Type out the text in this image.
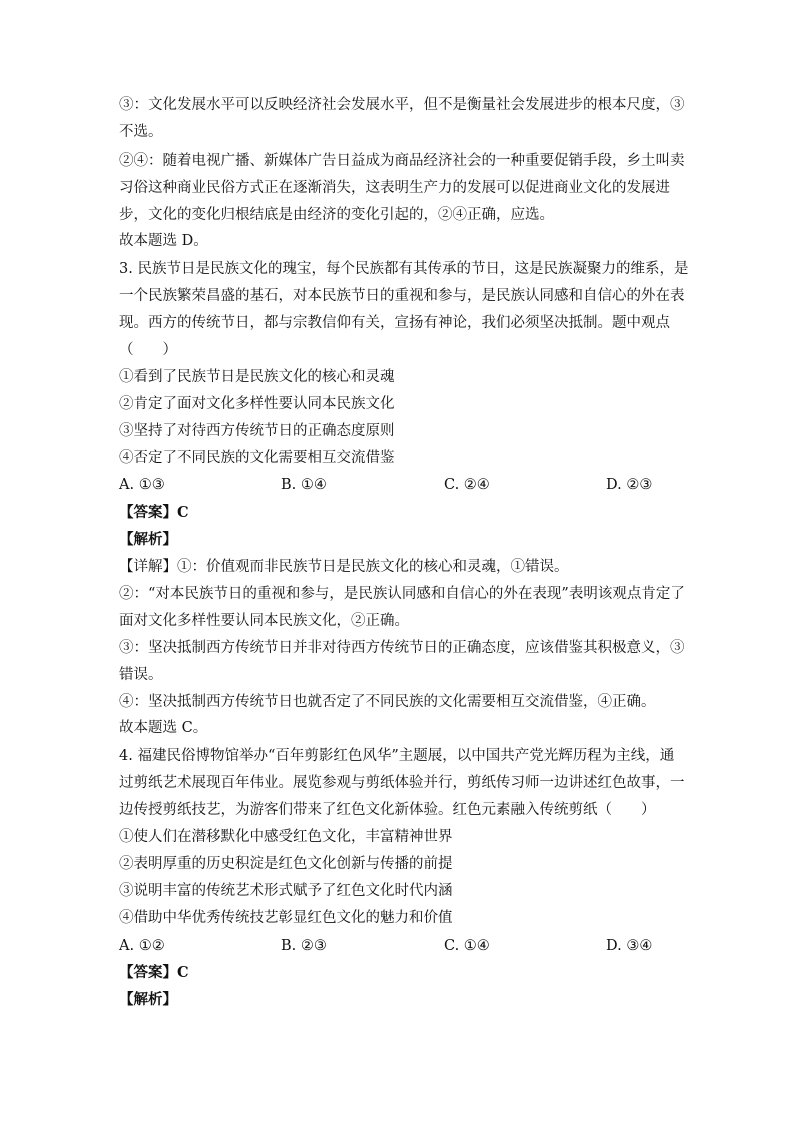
③：文化发展水平可以反映经济社会发展水平，但不是衡量社会发展进步的根本尺度，③
不选。
②④：随着电视广播、新媒体广告日益成为商品经济社会的一种重要促销手段，乡土叫卖
习俗这种商业民俗方式正在逐渐消失，这表明生产力的发展可以促进商业文化的发展进
步，文化的变化归根结底是由经济的变化引起的，②④正确，应选。
故本题选 D。
3. 民族节日是民族文化的瑰宝，每个民族都有其传承的节日，这是民族凝聚力的维系，是
一个民族繁荣昌盛的基石，对本民族节日的重视和参与，是民族认同感和自信心的外在表
现。西方的传统节日，都与宗教信仰有关，宣扬有神论，我们必须坚决抵制。题中观点
（　　）
①看到了民族节日是民族文化的核心和灵魂
②肯定了面对文化多样性要认同本民族文化
③坚持了对待西方传统节日的正确态度原则
④否定了不同民族的文化需要相互交流借鉴
A. ①③	B. ①④	C. ②④	D. ②③
【答案】C
【解析】
【详解】①：价值观而非民族节日是民族文化的核心和灵魂，①错误。
②：“对本民族节日的重视和参与，是民族认同感和自信心的外在表现”表明该观点肯定了
面对文化多样性要认同本民族文化，②正确。
③：坚决抵制西方传统节日并非对待西方传统节日的正确态度，应该借鉴其积极意义，③
错误。
④：坚决抵制西方传统节日也就否定了不同民族的文化需要相互交流借鉴，④正确。
故本题选 C。
4. 福建民俗博物馆举办“百年剪影红色风华”主题展，以中国共产党光辉历程为主线，通
过剪纸艺术展现百年伟业。展览参观与剪纸体验并行，剪纸传习师一边讲述红色故事，一
边传授剪纸技艺，为游客们带来了红色文化新体验。红色元素融入传统剪纸（　　）
①使人们在潜移默化中感受红色文化，丰富精神世界
②表明厚重的历史积淀是红色文化创新与传播的前提
③说明丰富的传统艺术形式赋予了红色文化时代内涵
④借助中华优秀传统技艺彰显红色文化的魅力和价值
A. ①②	B. ②③	C. ①④	D. ③④
【答案】C
【解析】
